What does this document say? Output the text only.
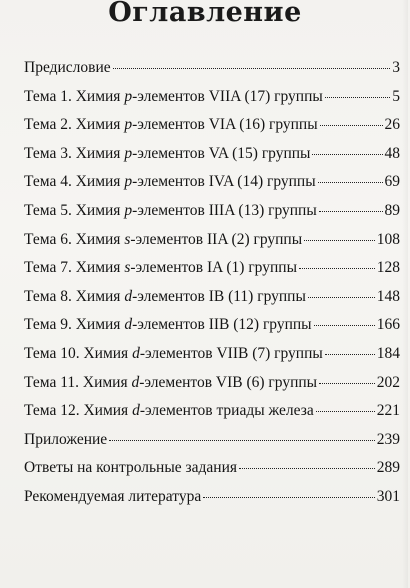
Оглавление
Предисловие	3
Тема 1. Химия p-элементов VIIA (17) группы	5
Тема 2. Химия p-элементов VIA (16) группы	26
Тема 3. Химия p-элементов VA (15) группы	48
Тема 4. Химия p-элементов IVA (14) группы	69
Тема 5. Химия p-элементов IIIA (13) группы	89
Тема 6. Химия s-элементов IIA (2) группы	108
Тема 7. Химия s-элементов IA (1) группы	128
Тема 8. Химия d-элементов IB (11) группы	148
Тема 9. Химия d-элементов IIB (12) группы	166
Тема 10. Химия d-элементов VIIB (7) группы	184
Тема 11. Химия d-элементов VIB (6) группы	202
Тема 12. Химия d-элементов триады железа	221
Приложение	239
Ответы на контрольные задания	289
Рекомендуемая литература	301
